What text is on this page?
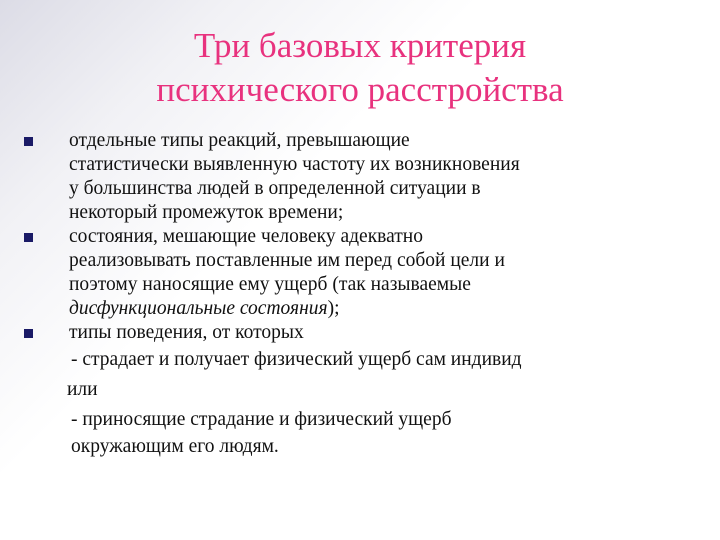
Три базовых критерия
психического расстройства
отдельные типы реакций, превышающие
статистически выявленную частоту их возникновения
у большинства людей в определенной ситуации в
некоторый промежуток времени;
состояния, мешающие человеку адекватно
реализовывать поставленные им перед собой цели и
поэтому наносящие ему ущерб (так называемые
дисфункциональные состояния);
типы поведения, от которых
- страдает и получает физический ущерб сам индивид
или
- приносящие страдание и физический ущерб
окружающим его людям.
